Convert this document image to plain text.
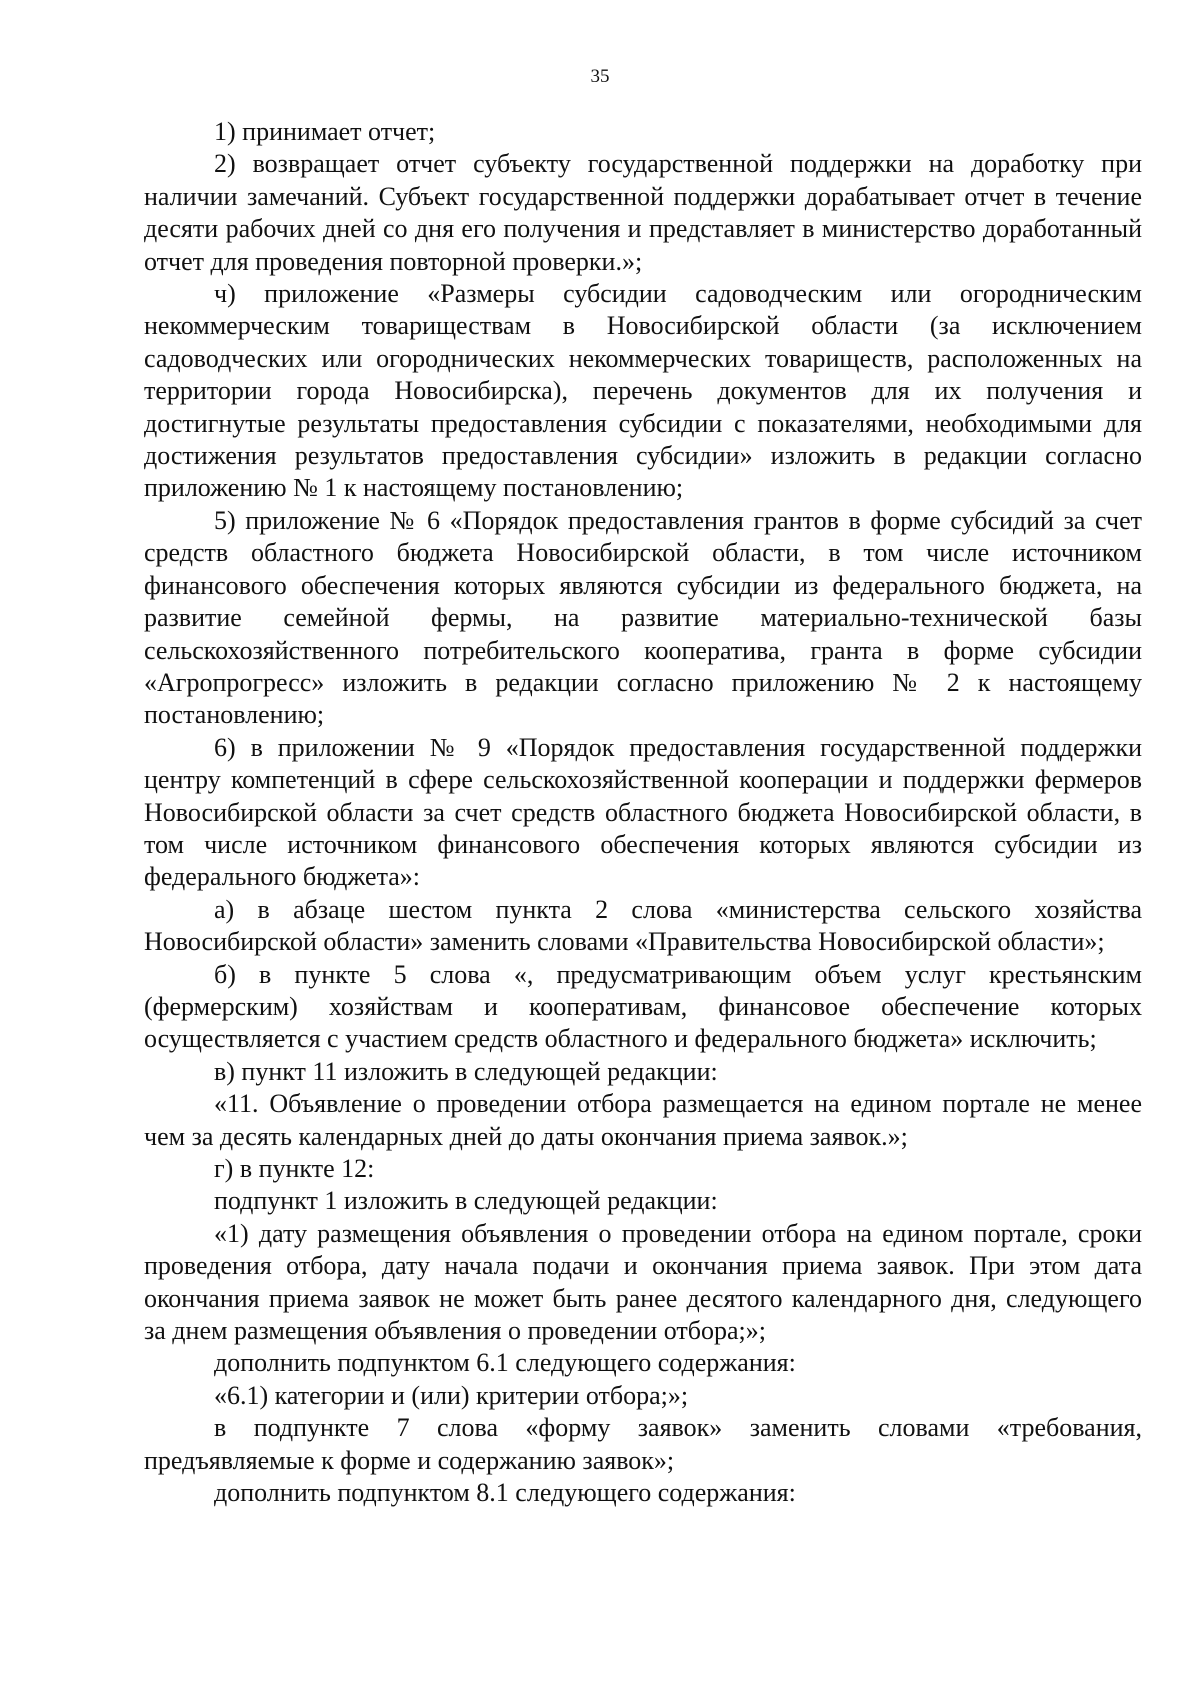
35

1) принимает отчет;

2) возвращает отчет субъекту государственной поддержки на доработку при наличии замечаний. Субъект государственной поддержки дорабатывает отчет в течение десяти рабочих дней со дня его получения и представляет в министерство доработанный отчет для проведения повторной проверки.»;

ч) приложение «Размеры субсидии садоводческим или огородническим некоммерческим товариществам в Новосибирской области (за исключением садоводческих или огороднических некоммерческих товариществ, расположенных на территории города Новосибирска), перечень документов для их получения и достигнутые результаты предоставления субсидии с показателями, необходимыми для достижения результатов предоставления субсидии» изложить в редакции согласно приложению № 1 к настоящему постановлению;

5) приложение № 6 «Порядок предоставления грантов в форме субсидий за счет средств областного бюджета Новосибирской области, в том числе источником финансового обеспечения которых являются субсидии из федерального бюджета, на развитие семейной фермы, на развитие материально-технической базы сельскохозяйственного потребительского кооператива, гранта в форме субсидии «Агропрогресс» изложить в редакции согласно приложению № 2 к настоящему постановлению;

6) в приложении № 9 «Порядок предоставления государственной поддержки центру компетенций в сфере сельскохозяйственной кооперации и поддержки фермеров Новосибирской области за счет средств областного бюджета Новосибирской области, в том числе источником финансового обеспечения которых являются субсидии из федерального бюджета»:

а) в абзаце шестом пункта 2 слова «министерства сельского хозяйства Новосибирской области» заменить словами «Правительства Новосибирской области»;

б) в пункте 5 слова «, предусматривающим объем услуг крестьянским (фермерским) хозяйствам и кооперативам, финансовое обеспечение которых осуществляется с участием средств областного и федерального бюджета» исключить;

в) пункт 11 изложить в следующей редакции:

«11. Объявление о проведении отбора размещается на едином портале не менее чем за десять календарных дней до даты окончания приема заявок.»;

г) в пункте 12:

подпункт 1 изложить в следующей редакции:

«1) дату размещения объявления о проведении отбора на едином портале, сроки проведения отбора, дату начала подачи и окончания приема заявок. При этом дата окончания приема заявок не может быть ранее десятого календарного дня, следующего за днем размещения объявления о проведении отбора;»;

дополнить подпунктом 6.1 следующего содержания:

«6.1) категории и (или) критерии отбора;»;

в подпункте 7 слова «форму заявок» заменить словами «требования, предъявляемые к форме и содержанию заявок»;

дополнить подпунктом 8.1 следующего содержания:
